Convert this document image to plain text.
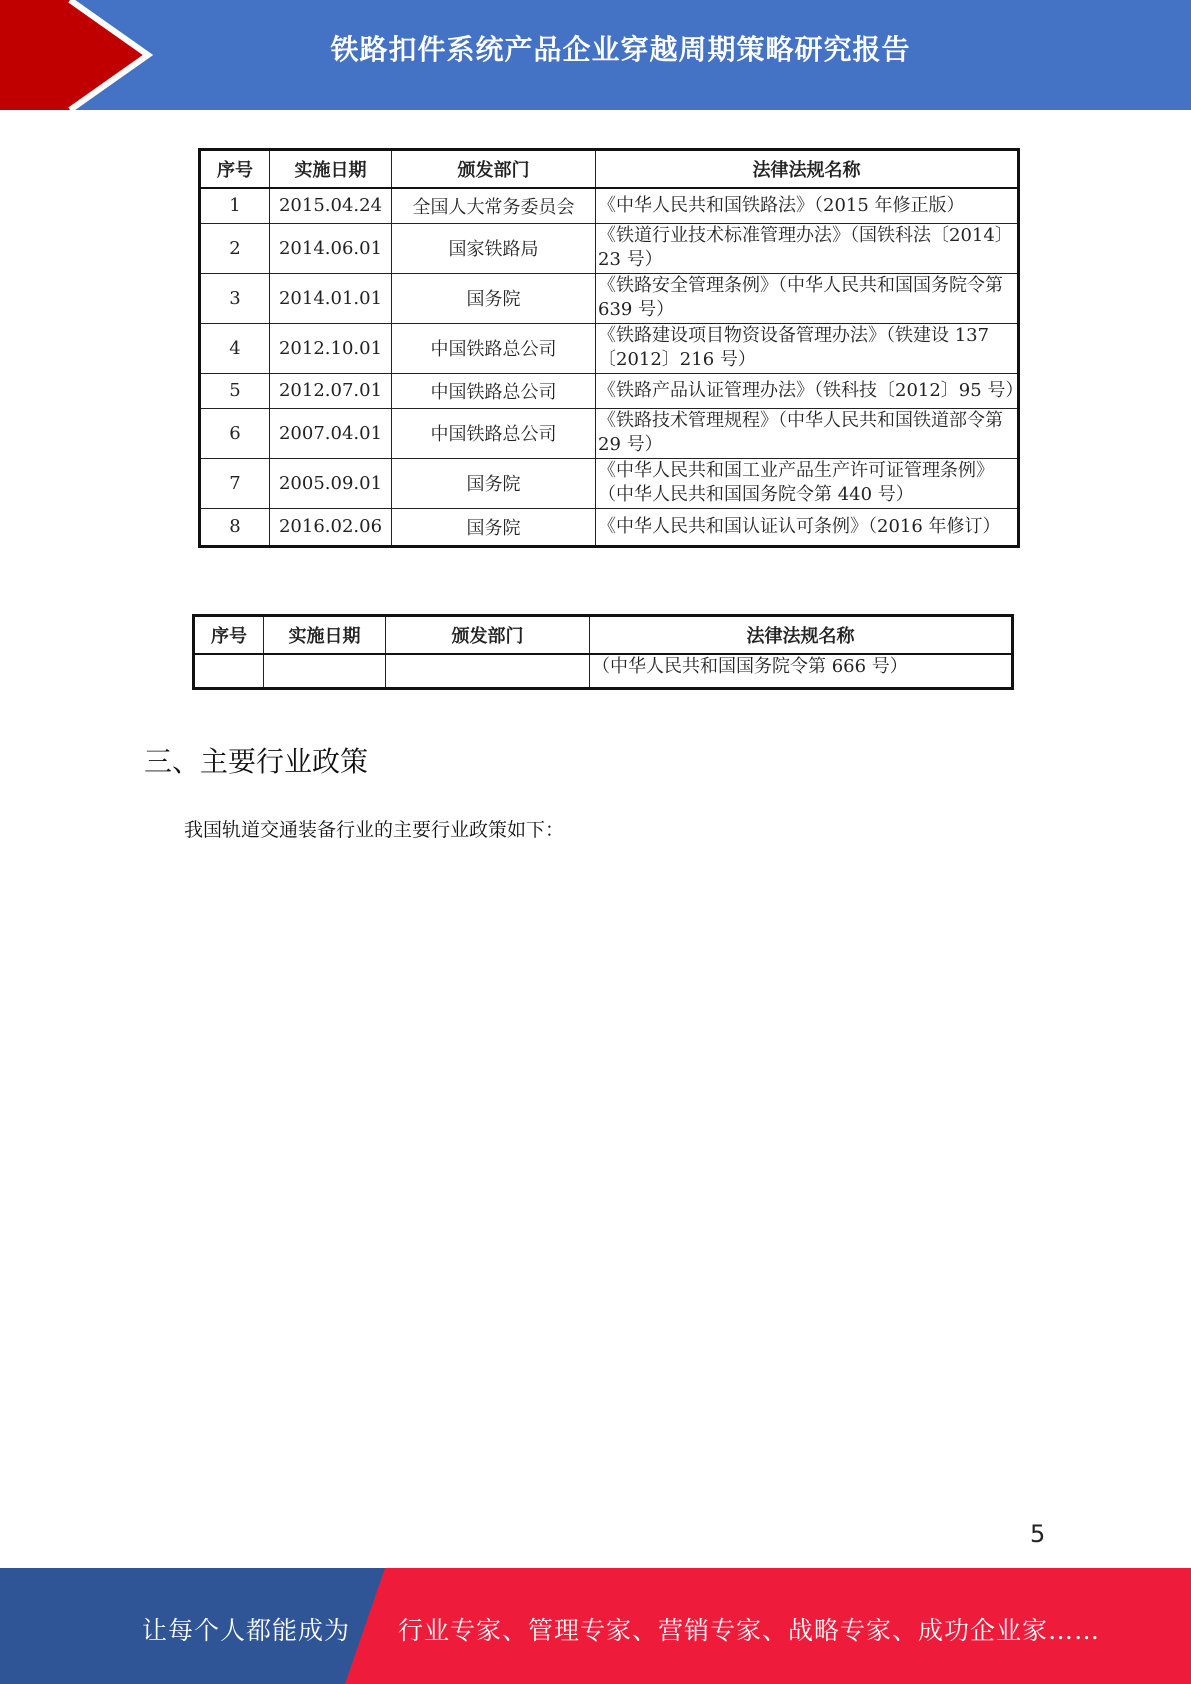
铁路扣件系统产品企业穿越周期策略研究报告
序号	实施日期	颁发部门	法律法规名称
1	2015.04.24	全国人大常务委员会	《中华人民共和国铁路法》（2015 年修正版）
2	2014.06.01	国家铁路局	《铁道行业技术标准管理办法》（国铁科法〔2014〕23 号）
3	2014.01.01	国务院	《铁路安全管理条例》（中华人民共和国国务院令第 639 号）
4	2012.10.01	中国铁路总公司	《铁路建设项目物资设备管理办法》（铁建设 137〔2012〕216 号）
5	2012.07.01	中国铁路总公司	《铁路产品认证管理办法》（铁科技〔2012〕95 号）
6	2007.04.01	中国铁路总公司	《铁路技术管理规程》（中华人民共和国铁道部令第 29 号）
7	2005.09.01	国务院	《中华人民共和国工业产品生产许可证管理条例》（中华人民共和国国务院令第 440 号）
8	2016.02.06	国务院	《中华人民共和国认证认可条例》（2016 年修订）
序号	实施日期	颁发部门	法律法规名称
			（中华人民共和国国务院令第 666 号）
三、主要行业政策
我国轨道交通装备行业的主要行业政策如下：
5
让每个人都能成为 行业专家、管理专家、营销专家、战略专家、成功企业家……
